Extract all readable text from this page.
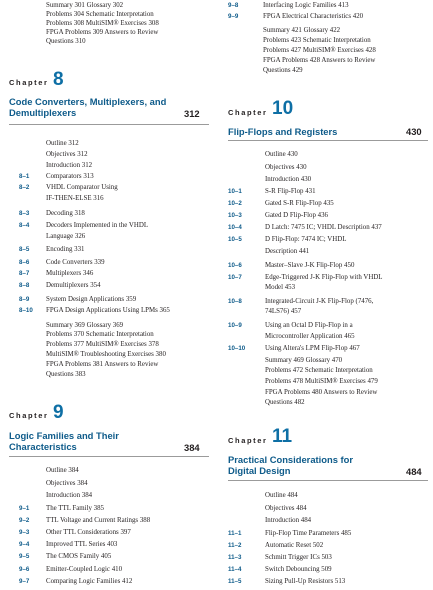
Summary 301 Glossary 302
Problems 304 Schematic Interpretation
Problems 308 MultiSIM® Exercises 308
FPGA Problems 309 Answers to Review
Questions 310
Chapter 8
Code Converters, Multiplexers, and
Demultiplexers	312
Outline 312
Objectives 312
Introduction 312
8–1	Comparators 313
8–2	VHDL Comparator Using
IF-THEN-ELSE 316
8–3	Decoding 318
8–4	Decoders Implemented in the VHDL
Language 326
8–5	Encoding 331
8–6	Code Converters 339
8–7	Multiplexers 346
8–8	Demultiplexers 354
8–9	System Design Applications 359
8–10	FPGA Design Applications Using LPMs 365
Summary 369 Glossary 369
Problems 370 Schematic Interpretation
Problems 377 MultiSIM® Exercises 378
MultiSIM® Troubleshooting Exercises 380
FPGA Problems 381 Answers to Review
Questions 383
Chapter 9
Logic Families and Their
Characteristics	384
Outline 384
Objectives 384
Introduction 384
9–1	The TTL Family 385
9–2	TTL Voltage and Current Ratings 388
9–3	Other TTL Considerations 397
9–4	Improved TTL Series 403
9–5	The CMOS Family 405
9–6	Emitter-Coupled Logic 410
9–7	Comparing Logic Families 412
9–8	Interfacing Logic Families 413
9–9	FPGA Electrical Characteristics 420
Summary 421 Glossary 422
Problems 423 Schematic Interpretation
Problems 427 MultiSIM® Exercises 428
FPGA Problems 428 Answers to Review
Questions 429
Chapter 10
Flip-Flops and Registers	430
Outline 430
Objectives 430
Introduction 430
10–1	S-R Flip-Flop 431
10–2	Gated S-R Flip-Flop 435
10–3	Gated D Flip-Flop 436
10–4	D Latch: 7475 IC; VHDL Description 437
10–5	D Flip-Flop: 7474 IC; VHDL
Description 441
10–6	Master–Slave J-K Flip-Flop 450
10–7	Edge-Triggered J-K Flip-Flop with VHDL
Model 453
10–8	Integrated-Circuit J-K Flip-Flop (7476,
74LS76) 457
10–9	Using an Octal D Flip-Flop in a
Microcontroller Application 465
10–10	Using Altera's LPM Flip-Flop 467
Summary 469 Glossary 470
Problems 472 Schematic Interpretation
Problems 478 MultiSIM® Exercises 479
FPGA Problems 480 Answers to Review
Questions 482
Chapter 11
Practical Considerations for
Digital Design	484
Outline 484
Objectives 484
Introduction 484
11–1	Flip-Flop Time Parameters 485
11–2	Automatic Reset 502
11–3	Schmitt Trigger ICs 503
11–4	Switch Debouncing 509
11–5	Sizing Pull-Up Resistors 513
